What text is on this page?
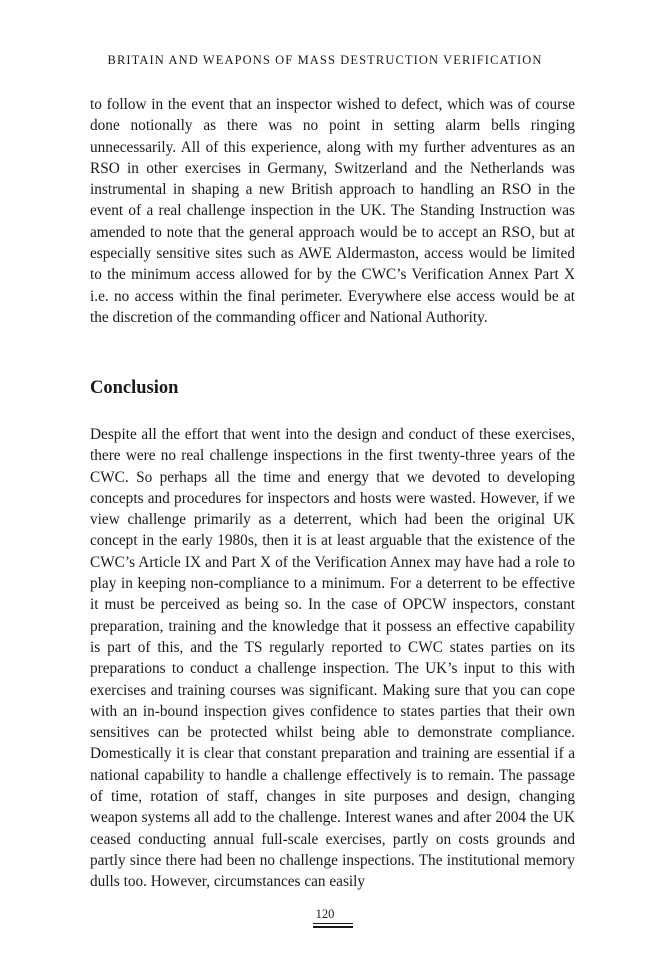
BRITAIN AND WEAPONS OF MASS DESTRUCTION VERIFICATION

to follow in the event that an inspector wished to defect, which was of course done notionally as there was no point in setting alarm bells ringing unnecessarily. All of this experience, along with my further adventures as an RSO in other exercises in Germany, Switzerland and the Netherlands was instrumental in shaping a new British approach to handling an RSO in the event of a real challenge inspection in the UK. The Standing Instruction was amended to note that the general approach would be to accept an RSO, but at especially sensitive sites such as AWE Aldermaston, access would be limited to the minimum access allowed for by the CWC’s Verification Annex Part X i.e. no access within the final perimeter. Everywhere else access would be at the discretion of the commanding officer and National Authority.

Conclusion

Despite all the effort that went into the design and conduct of these exercises, there were no real challenge inspections in the first twenty-three years of the CWC. So perhaps all the time and energy that we devoted to developing concepts and procedures for inspectors and hosts were wasted. However, if we view challenge primarily as a deterrent, which had been the original UK concept in the early 1980s, then it is at least arguable that the existence of the CWC’s Article IX and Part X of the Verification Annex may have had a role to play in keeping non-compliance to a minimum. For a deterrent to be effective it must be perceived as being so. In the case of OPCW inspectors, constant preparation, training and the knowledge that it possess an effective capability is part of this, and the TS regularly reported to CWC states parties on its preparations to conduct a challenge inspection. The UK’s input to this with exercises and training courses was significant. Making sure that you can cope with an in-bound inspection gives confidence to states parties that their own sensitives can be protected whilst being able to demonstrate compliance. Domestically it is clear that constant preparation and training are essential if a national capability to handle a challenge effectively is to remain. The passage of time, rotation of staff, changes in site purposes and design, changing weapon systems all add to the challenge. Interest wanes and after 2004 the UK ceased conducting annual full-scale exercises, partly on costs grounds and partly since there had been no challenge inspections. The institutional memory dulls too. However, circumstances can easily

120
